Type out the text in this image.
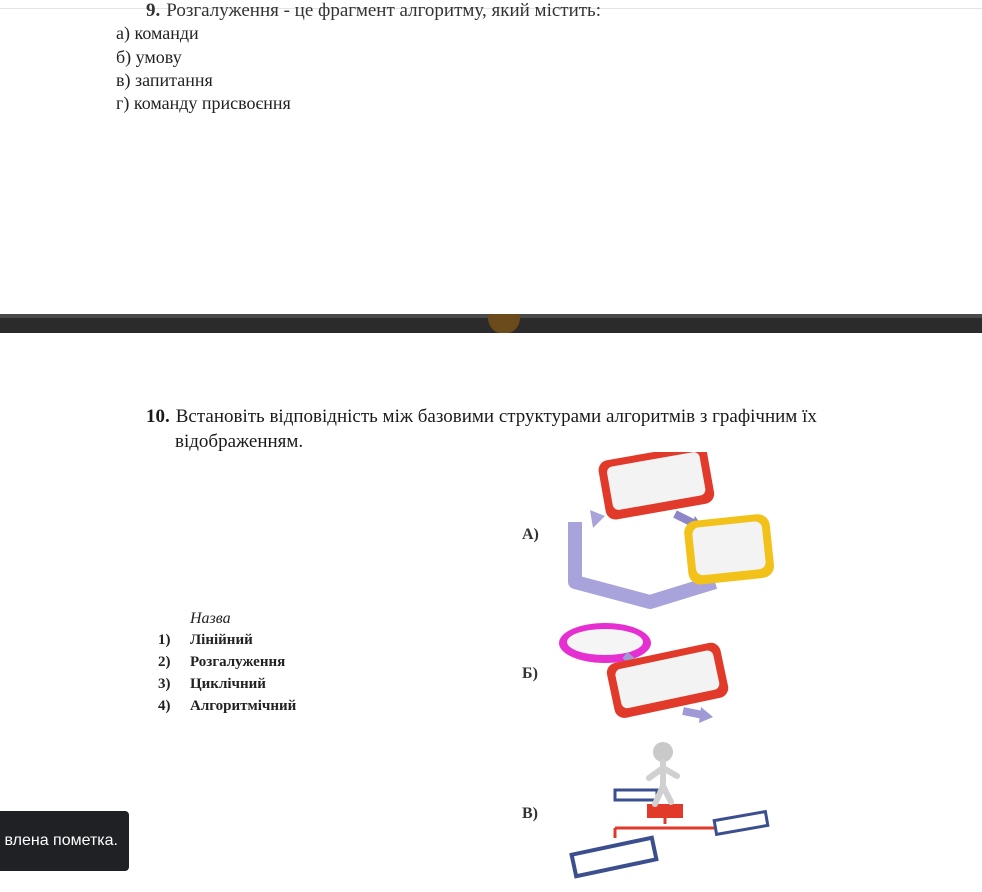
9. Розгалуження - це фрагмент алгоритму, який містить:
а) команди
б) умову
в) запитання
г) команду присвоєння
10. Встановіть відповідність між базовими структурами алгоритмів з графічним їх
відображенням.
Назва
1) Лінійний
2) Розгалуження
3) Циклічний
4) Алгоритмічний
А)
Б)
В)
влена пометка.
